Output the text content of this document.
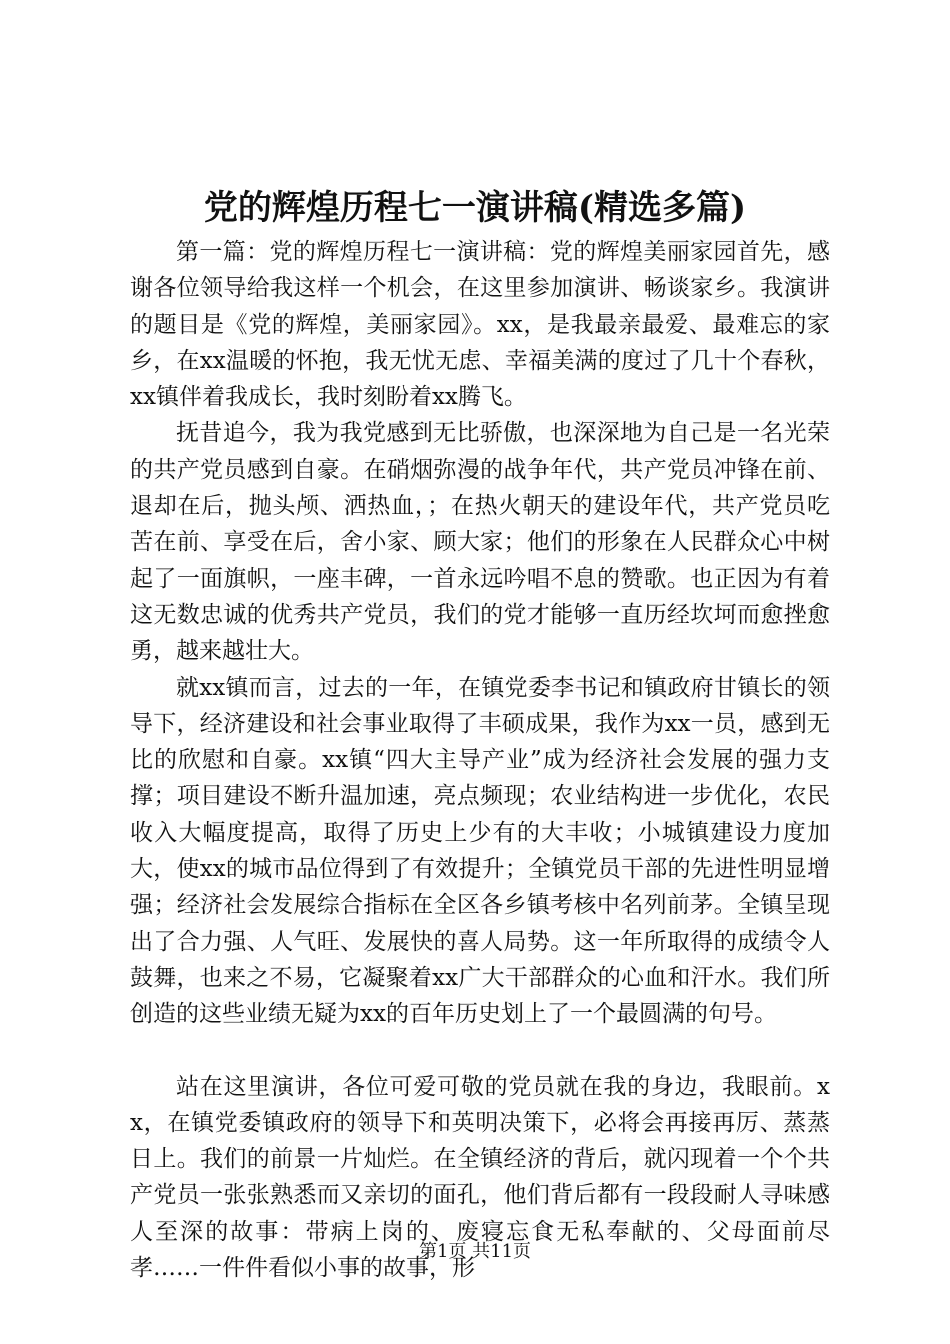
党的辉煌历程七一演讲稿(精选多篇)

第一篇：党的辉煌历程七一演讲稿：党的辉煌美丽家园首先，感谢各位领导给我这样一个机会，在这里参加演讲、畅谈家乡。我演讲的题目是《党的辉煌，美丽家园》。xx，是我最亲最爱、最难忘的家乡，在xx温暖的怀抱，我无忧无虑、幸福美满的度过了几十个春秋，xx镇伴着我成长，我时刻盼着xx腾飞。

抚昔追今，我为我党感到无比骄傲，也深深地为自己是一名光荣的共产党员感到自豪。在硝烟弥漫的战争年代，共产党员冲锋在前、退却在后，抛头颅、洒热血，；在热火朝天的建设年代，共产党员吃苦在前、享受在后，舍小家、顾大家；他们的形象在人民群众心中树起了一面旗帜，一座丰碑，一首永远吟唱不息的赞歌。也正因为有着这无数忠诚的优秀共产党员，我们的党才能够一直历经坎坷而愈挫愈勇，越来越壮大。

就xx镇而言，过去的一年，在镇党委李书记和镇政府甘镇长的领导下，经济建设和社会事业取得了丰硕成果，我作为xx一员，感到无比的欣慰和自豪。xx镇“四大主导产业”成为经济社会发展的强力支撑；项目建设不断升温加速，亮点频现；农业结构进一步优化，农民收入大幅度提高，取得了历史上少有的大丰收；小城镇建设力度加大，使xx的城市品位得到了有效提升；全镇党员干部的先进性明显增强；经济社会发展综合指标在全区各乡镇考核中名列前茅。全镇呈现出了合力强、人气旺、发展快的喜人局势。这一年所取得的成绩令人鼓舞，也来之不易，它凝聚着xx广大干部群众的心血和汗水。我们所创造的这些业绩无疑为xx的百年历史划上了一个最圆满的句号。

站在这里演讲，各位可爱可敬的党员就在我的身边，我眼前。xx，在镇党委镇政府的领导下和英明决策下，必将会再接再厉、蒸蒸日上。我们的前景一片灿烂。在全镇经济的背后，就闪现着一个个共产党员一张张熟悉而又亲切的面孔，他们背后都有一段段耐人寻味感人至深的故事：带病上岗的、废寝忘食无私奉献的、父母面前尽孝……一件件看似小事的故事，形

第1页 共11页
